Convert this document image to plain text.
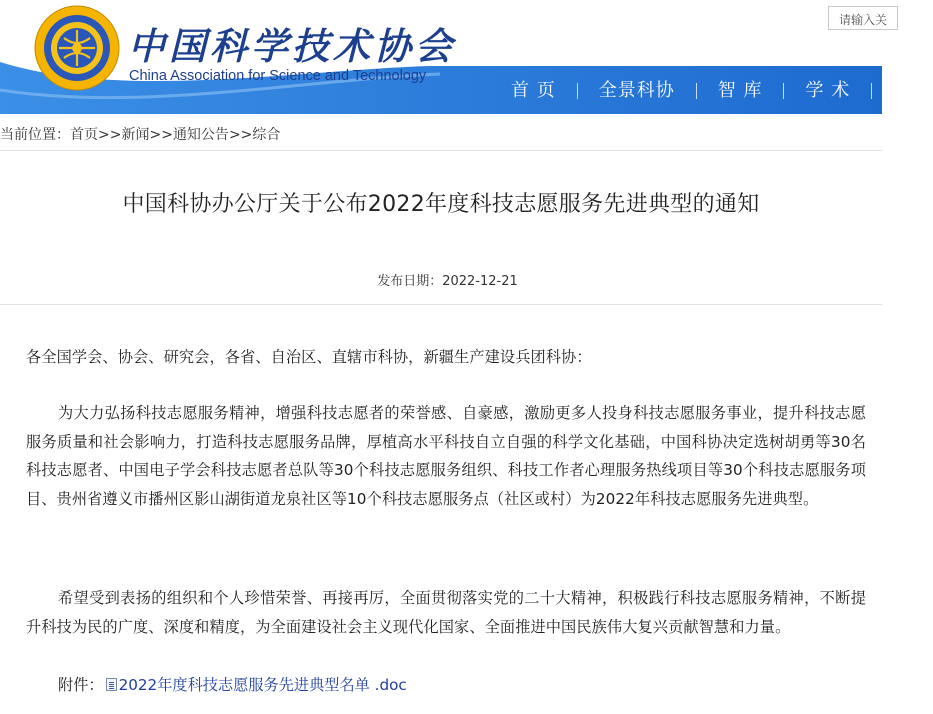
中国科学技术协会
China Association for Science and Technology
请输入关
首 页	全景科协	智 库	学 术	科
当前位置：首页>>新闻>>通知公告>>综合
中国科协办公厅关于公布2022年度科技志愿服务先进典型的通知
发布日期：2022-12-21
各全国学会、协会、研究会，各省、自治区、直辖市科协，新疆生产建设兵团科协：
为大力弘扬科技志愿服务精神，增强科技志愿者的荣誉感、自豪感，激励更多人投身科技志愿服务事业，提升科技志愿服务质量和社会影响力，打造科技志愿服务品牌，厚植高水平科技自立自强的科学文化基础，中国科协决定选树胡勇等30名科技志愿者、中国电子学会科技志愿者总队等30个科技志愿服务组织、科技工作者心理服务热线项目等30个科技志愿服务项目、贵州省遵义市播州区影山湖街道龙泉社区等10个科技志愿服务点（社区或村）为2022年科技志愿服务先进典型。
希望受到表扬的组织和个人珍惜荣誉、再接再厉，全面贯彻落实党的二十大精神，积极践行科技志愿服务精神，不断提升科技为民的广度、深度和精度，为全面建设社会主义现代化国家、全面推进中国民族伟大复兴贡献智慧和力量。
附件： 2022年度科技志愿服务先进典型名单 .doc
